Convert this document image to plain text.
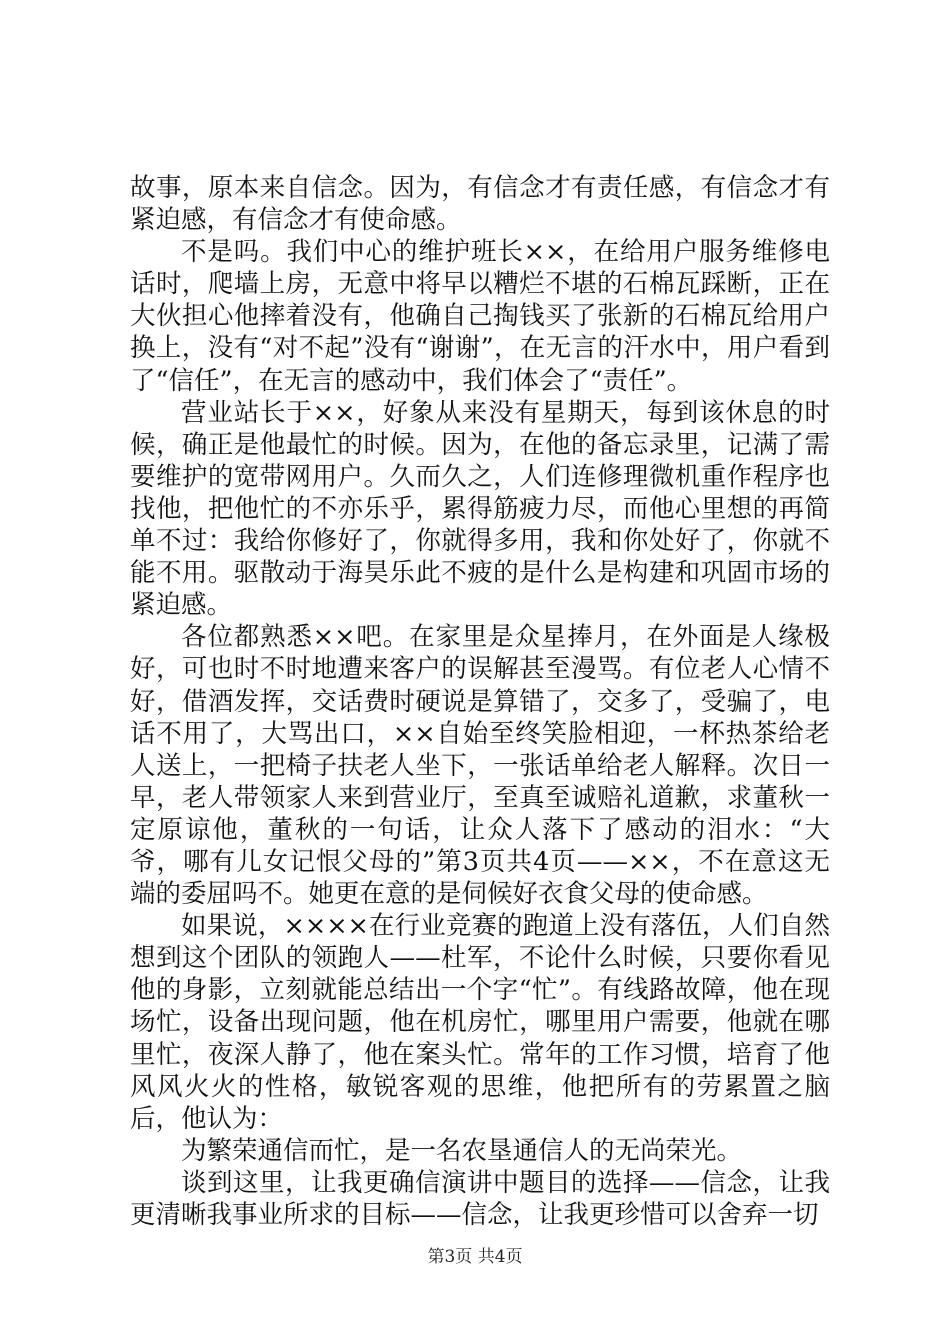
故事，原本来自信念。因为，有信念才有责任感，有信念才有紧迫感，有信念才有使命感。

不是吗。我们中心的维护班长××，在给用户服务维修电话时，爬墙上房，无意中将早以糟烂不堪的石棉瓦踩断，正在大伙担心他摔着没有，他确自己掏钱买了张新的石棉瓦给用户换上，没有“对不起”没有“谢谢”，在无言的汗水中，用户看到了“信任”，在无言的感动中，我们体会了“责任”。

营业站长于××，好象从来没有星期天，每到该休息的时候，确正是他最忙的时候。因为，在他的备忘录里，记满了需要维护的宽带网用户。久而久之，人们连修理微机重作程序也找他，把他忙的不亦乐乎，累得筋疲力尽，而他心里想的再简单不过：我给你修好了，你就得多用，我和你处好了，你就不能不用。驱散动于海昊乐此不疲的是什么是构建和巩固市场的紧迫感。

各位都熟悉××吧。在家里是众星捧月，在外面是人缘极好，可也时不时地遭来客户的误解甚至漫骂。有位老人心情不好，借酒发挥，交话费时硬说是算错了，交多了，受骗了，电话不用了，大骂出口，××自始至终笑脸相迎，一杯热茶给老人送上，一把椅子扶老人坐下，一张话单给老人解释。次日一早，老人带领家人来到营业厅，至真至诚赔礼道歉，求董秋一定原谅他，董秋的一句话，让众人落下了感动的泪水：“大爷，哪有儿女记恨父母的”第3页共4页——××，不在意这无端的委屈吗不。她更在意的是伺候好衣食父母的使命感。

如果说，××××在行业竞赛的跑道上没有落伍，人们自然想到这个团队的领跑人——杜军，不论什么时候，只要你看见他的身影，立刻就能总结出一个字“忙”。有线路故障，他在现场忙，设备出现问题，他在机房忙，哪里用户需要，他就在哪里忙，夜深人静了，他在案头忙。常年的工作习惯，培育了他风风火火的性格，敏锐客观的思维，他把所有的劳累置之脑后，他认为：

为繁荣通信而忙，是一名农垦通信人的无尚荣光。

谈到这里，让我更确信演讲中题目的选择——信念，让我更清晰我事业所求的目标——信念，让我更珍惜可以舍弃一切

第3页 共4页
